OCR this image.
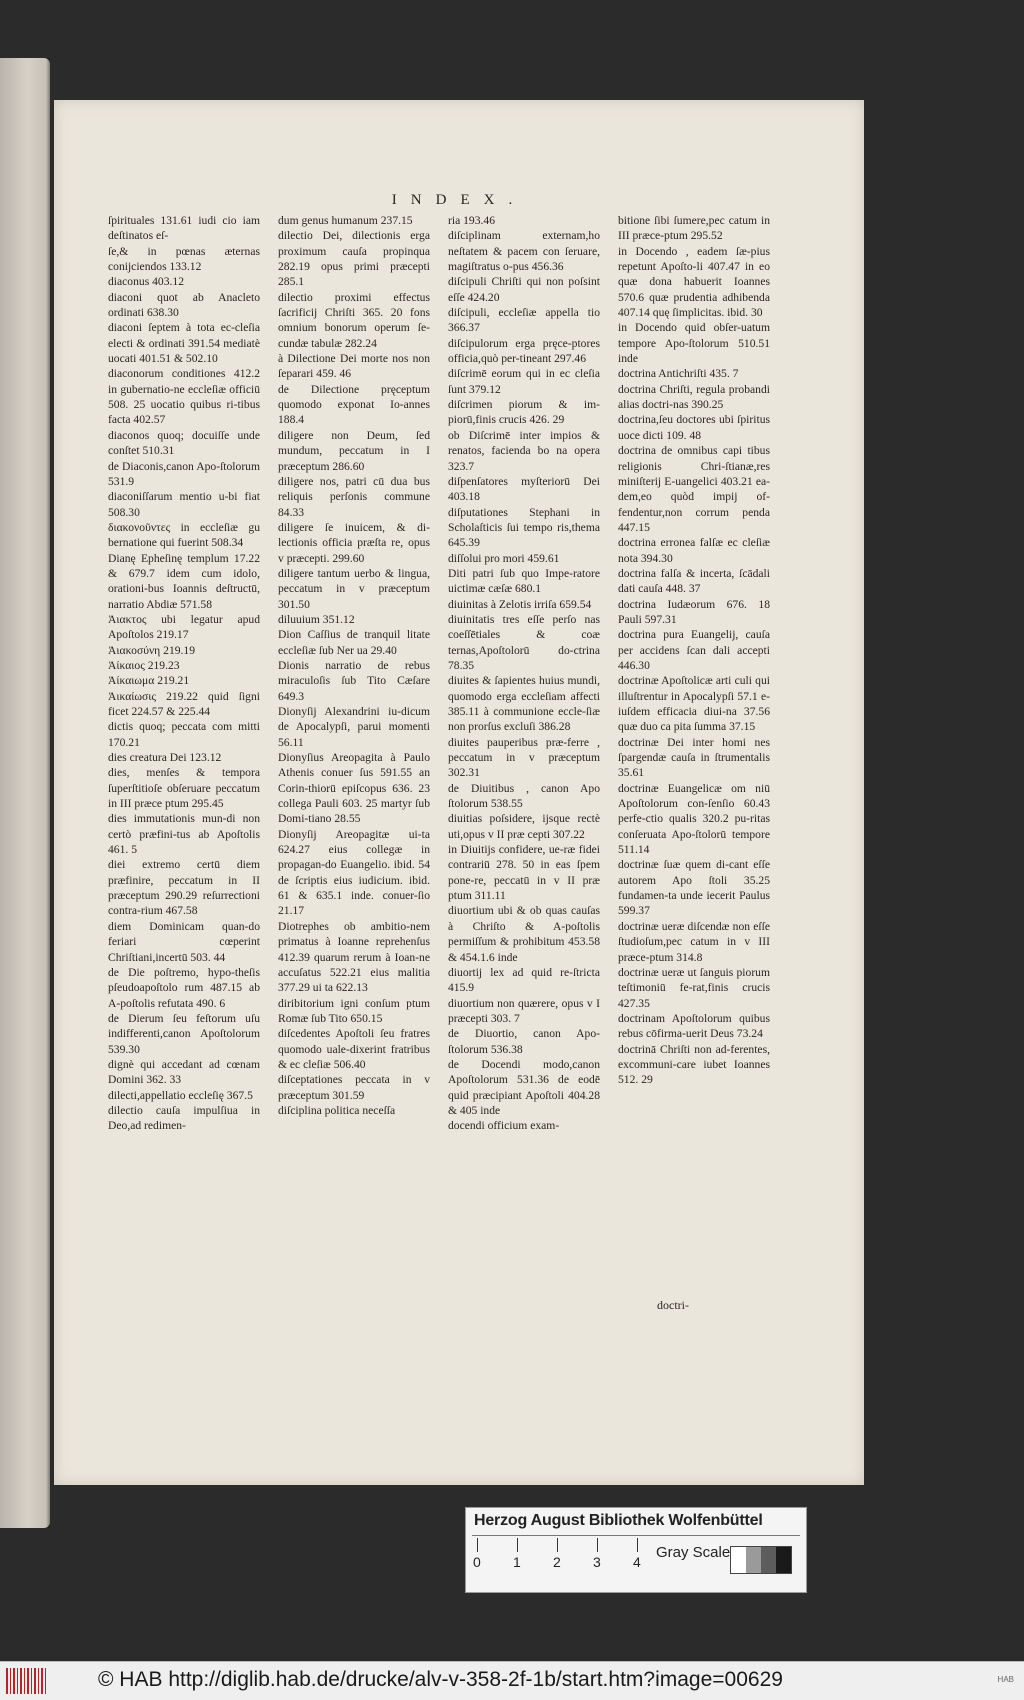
INDEX.
ſpirituales 131.61 iudi cio iam deſtinatos eſ-
ſe,& in pœnas æternas conijciendos 133.12
diaconus 403.12
diaconi quot ab Anacleto ordinati 638.30
diaconi ſeptem à tota ec-cleſia electi & ordinati 391.54 mediatè uocati 401.51 & 502.10
diaconorum conditiones 412.2 in gubernatio-ne eccleſiæ officiū 508. 25 uocatio quibus ri-tibus facta 402.57
diaconos quoq; docuiſſe unde conſtet 510.31
de Diaconis,canon Apo-ſtolorum 531.9
diaconiſſarum mentio u-bi fiat 508.30
διακονοῦντες in eccleſiæ gu bernatione qui fuerint 508.34
Dianę Epheſinę templum 17.22 & 679.7 idem cum idolo, orationi-bus Ioannis deſtructū, narratio Abdiæ 571.58
Ἀιακτος ubi legatur apud Apoſtolos 219.17
Ἀιακοσύνη 219.19
Ἀίκαιος 219.23
Ἀίκαιωμα 219.21
Ἀικαίωσις 219.22 quid ſigni ficet 224.57 & 225.44
dictis quoq; peccata com mitti 170.21
dies creatura Dei 123.12
dies, menſes & tempora ſuperſtitioſe obſeruare peccatum in III præce ptum 295.45
dies immutationis mun-di non certò præfini-tus ab Apoſtolis 461. 5
diei extremo certū diem præfinire, peccatum in II præceptum 290.29 reſurrectioni contra-rium 467.58
diem Dominicam quan-do feriari cœperint Chriſtiani,incertū 503. 44
de Die poſtremo, hypo-theſis pſeudoapoſtolo rum 487.15 ab A-poſtolis refutata 490. 6
de Dierum ſeu feſtorum uſu indifferenti,canon Apoſtolorum 539.30
dignè qui accedant ad cœnam Domini 362. 33
dilecti,appellatio eccleſię 367.5
dilectio cauſa impulſiua in Deo,ad redimen-
dum genus humanum 237.15
dilectio Dei, dilectionis erga proximum cauſa propinqua 282.19 opus primi præcepti 285.1
dilectio proximi effectus ſacrificij Chriſti 365. 20 fons omnium bonorum operum ſe-cundæ tabulæ 282.24
à Dilectione Dei morte nos non ſeparari 459. 46
de Dilectione pręceptum quomodo exponat Io-annes 188.4
diligere non Deum, ſed mundum, peccatum in I præceptum 286.60
diligere nos, patri cū dua bus reliquis perſonis commune 84.33
diligere ſe inuicem, & di-lectionis officia præſta re, opus v præcepti. 299.60
diligere tantum uerbo & lingua, peccatum in v præceptum 301.50
diluuium 351.12
Dion Caſſius de tranquil litate eccleſiæ ſub Ner ua 29.40
Dionis narratio de rebus miraculoſis ſub Tito Cæſare 649.3
Dionyſij Alexandrini iu-dicum de Apocalypſi, parui momenti 56.11
Dionyſius Areopagita à Paulo Athenis conuer ſus 591.55 an Corin-thiorū epiſcopus 636. 23 collega Pauli 603. 25 martyr ſub Domi-tiano 28.55
Dionyſij Areopagitæ ui-ta 624.27 eius collegæ in propagan-do Euangelio. ibid. 54 de ſcriptis eius iudicium. ibid. 61 & 635.1 inde. conuer-ſio 21.17
Diotrephes ob ambitio-nem primatus à Ioanne reprehenſus 412.39 quarum rerum à Ioan-ne accuſatus 522.21 eius malitia 377.29 ui ta 622.13
diribitorium igni conſum ptum Romæ ſub Tito 650.15
diſcedentes Apoſtoli ſeu fratres quomodo uale-dixerint fratribus & ec cleſiæ 506.40
diſceptationes peccata in v præceptum 301.59
diſciplina politica neceſſa
ria 193.46
diſciplinam externam,ho neſtatem & pacem con ſeruare, magiſtratus o-pus 456.36
diſcipuli Chriſti qui non poſsint eſſe 424.20
diſcipuli, eccleſiæ appella tio 366.37
diſcipulorum erga pręce-ptores officia,quò per-tineant 297.46
diſcrimē eorum qui in ec cleſia ſunt 379.12
diſcrimen piorum & im-piorū,finis crucis 426. 29
ob Diſcrimē inter impios & renatos, facienda bo na opera 323.7
diſpenſatores myſteriorū Dei 403.18
diſputationes Stephani in Scholaſticis ſui tempo ris,thema 645.39
diſſolui pro mori 459.61
Diti patri ſub quo Impe-ratore uictimæ cæſæ 680.1
diuinitas à Zelotis irriſa 659.54
diuinitatis tres eſſe perſo nas coeſſētiales & coæ ternas,Apoſtolorū do-ctrina 78.35
diuites & ſapientes huius mundi, quomodo erga eccleſiam affecti 385.11 à communione eccle-ſiæ non prorſus excluſi 386.28
diuites pauperibus præ-ferre , peccatum in v præceptum 302.31
de Diuitibus , canon Apo ſtolorum 538.55
diuitias poſsidere, ijsque rectè uti,opus v II præ cepti 307.22
in Diuitijs confidere, ue-ræ fidei contrariū 278. 50 in eas ſpem pone-re, peccatū in v II præ ptum 311.11
diuortium ubi & ob quas cauſas à Chriſto & A-poſtolis permiſſum & prohibitum 453.58 & 454.1.6 inde
diuortij lex ad quid re-ſtricta 415.9
diuortium non quærere, opus v I præcepti 303. 7
de Diuortio, canon Apo-ſtolorum 536.38
de Docendi modo,canon Apoſtolorum 531.36 de eodē quid præcipiant Apoſtoli 404.28 & 405 inde
docendi officium exam-
bitione ſibi ſumere,pec catum in III præce-ptum 295.52
in Docendo , eadem ſæ-pius repetunt Apoſto-li 407.47 in eo quæ dona habuerit Ioannes 570.6 quæ prudentia adhibenda 407.14 quę ſimplicitas. ibid. 30
in Docendo quid obſer-uatum tempore Apo-ſtolorum 510.51 inde
doctrina Antichriſti 435. 7
doctrina Chriſti, regula probandi alias doctri-nas 390.25
doctrina,ſeu doctores ubi ſpiritus uoce dicti 109. 48
doctrina de omnibus capi tibus religionis Chri-ſtianæ,res miniſterij E-uangelici 403.21 ea-dem,eo quòd impij of-fendentur,non corrum penda 447.15
doctrina erronea falſæ ec cleſiæ nota 394.30
doctrina falſa & incerta, ſcādali dati cauſa 448. 37
doctrina Iudæorum 676. 18 Pauli 597.31
doctrina pura Euangelij, cauſa per accidens ſcan dali accepti 446.30
doctrinæ Apoſtolicæ arti culi qui illuſtrentur in Apocalypſi 57.1 e-iuſdem efficacia diui-na 37.56 quæ duo ca pita ſumma 37.15
doctrinæ Dei inter homi nes ſpargendæ cauſa in ſtrumentalis 35.61
doctrinæ Euangelicæ om niū Apoſtolorum con-ſenſio 60.43 perfe-ctio qualis 320.2 pu-ritas conſeruata Apo-ſtolorū tempore 511.14
doctrinæ ſuæ quem di-cant eſſe autorem Apo ſtoli 35.25 fundamen-ta unde iecerit Paulus 599.37
doctrinæ ueræ diſcendæ non eſſe ſtudioſum,pec catum in v III præce-ptum 314.8
doctrinæ ueræ ut ſanguis piorum teſtimoniū fe-rat,finis crucis 427.35
doctrinam Apoſtolorum quibus rebus cōfirma-uerit Deus 73.24
doctrinā Chriſti non ad-ferentes, excommuni-care iubet Ioannes 512. 29
doctri-
Herzog August Bibliothek Wolfenbüttel
0 1 2 3 4
Gray Scale
© HAB http://diglib.hab.de/drucke/alv-v-358-2f-1b/start.htm?image=00629	HAB
